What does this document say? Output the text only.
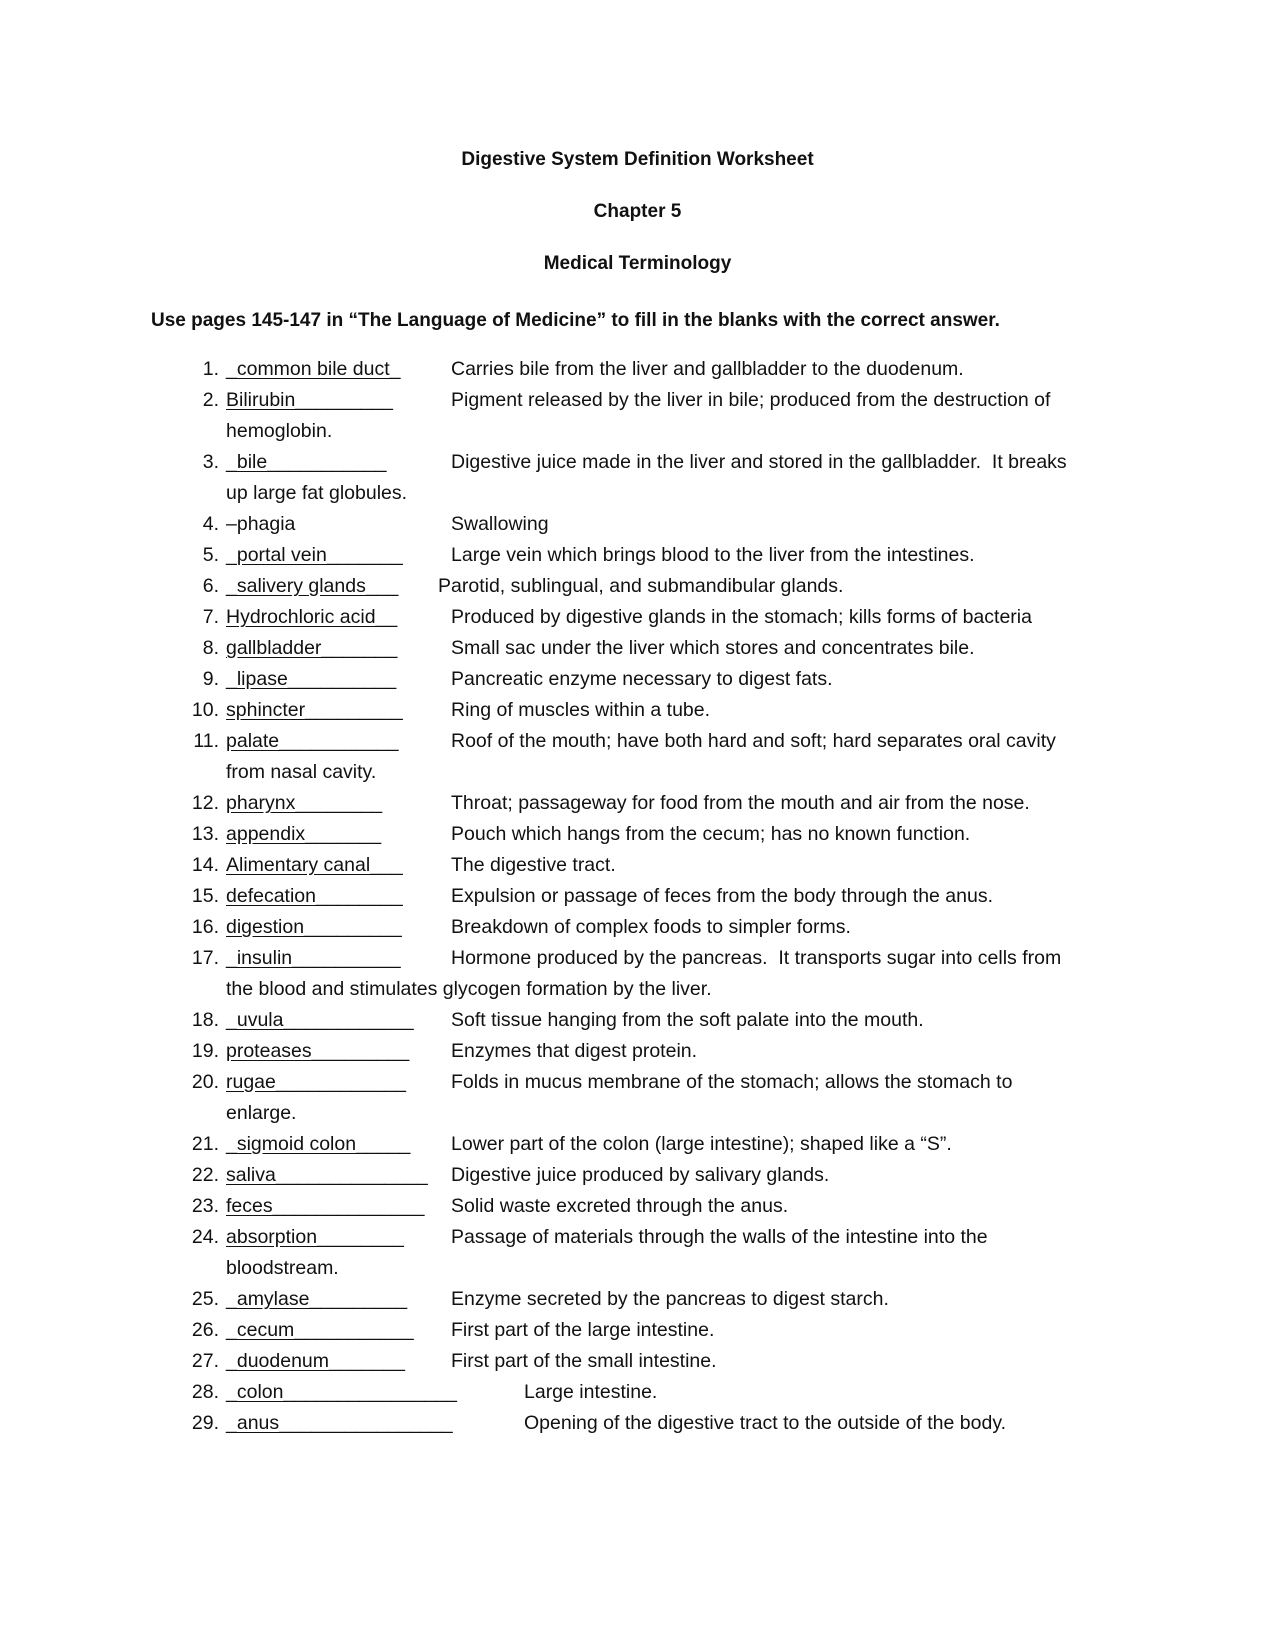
Digestive System Definition Worksheet
Chapter 5
Medical Terminology
Use pages 145-147 in “The Language of Medicine” to fill in the blanks with the correct answer.
1. _common bile duct_	Carries bile from the liver and gallbladder to the duodenum.
2. Bilirubin_________	Pigment released by the liver in bile; produced from the destruction of
hemoglobin.
3. _bile___________	Digestive juice made in the liver and stored in the gallbladder.  It breaks
up large fat globules.
4. –phagia	Swallowing
5. _portal vein_______ Large vein which brings blood to the liver from the intestines.
6. _salivery glands___ Parotid, sublingual, and submandibular glands.
7. Hydrochloric acid__	Produced by digestive glands in the stomach; kills forms of bacteria
8. gallbladder_______	Small sac under the liver which stores and concentrates bile.
9. _lipase__________	Pancreatic enzyme necessary to digest fats.
10. sphincter_________ Ring of muscles within a tube.
11. palate___________	Roof of the mouth; have both hard and soft; hard separates oral cavity
from nasal cavity.
12. pharynx________	Throat; passageway for food from the mouth and air from the nose.
13. appendix_______	Pouch which hangs from the cecum; has no known function.
14. Alimentary canal___ The digestive tract.
15. defecation________ Expulsion or passage of feces from the body through the anus.
16. digestion_________	Breakdown of complex foods to simpler forms.
17. _insulin__________	Hormone produced by the pancreas.  It transports sugar into cells from
the blood and stimulates glycogen formation by the liver.
18. _uvula____________ Soft tissue hanging from the soft palate into the mouth.
19. proteases_________ Enzymes that digest protein.
20. rugae____________ Folds in mucus membrane of the stomach; allows the stomach to
enlarge.
21. _sigmoid colon_____ Lower part of the colon (large intestine); shaped like a “S”.
22. saliva______________ Digestive juice produced by salivary glands.
23. feces______________ Solid waste excreted through the anus.
24. absorption________ Passage of materials through the walls of the intestine into the
bloodstream.
25. _amylase_________ Enzyme secreted by the pancreas to digest starch.
26. _cecum___________ First part of the large intestine.
27. _duodenum_______ First part of the small intestine.
28. _colon________________	Large intestine.
29. _anus________________	Opening of the digestive tract to the outside of the body.
